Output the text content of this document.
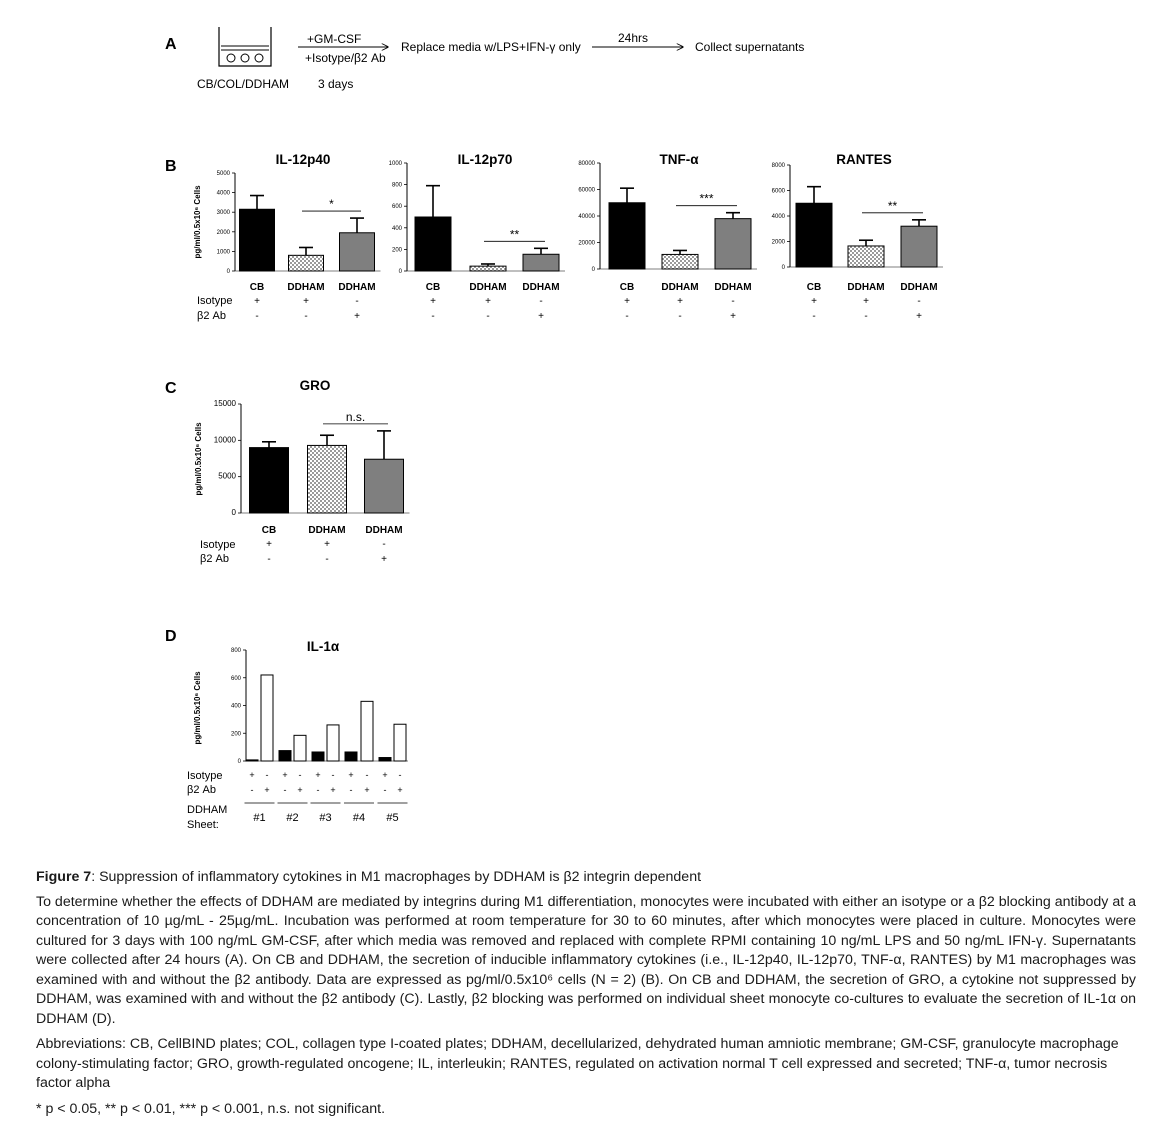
A
CB/COL/DDHAM
+GM-CSF
+Isotype/β2 Ab
3 days
Replace media w/LPS+IFN-γ only
24hrs
Collect supernatants
B
C
D
IL-12p40
0
1000
2000
3000
4000
5000
pg/ml/0.5x10⁶ Cells
CB
+
-
DDHAM
+
-
DDHAM
-
+
*
Isotype
β2 Ab
IL-12p70
0
200
400
600
800
1000
CB
+
-
DDHAM
+
-
DDHAM
-
+
**
TNF-α
0
20000
40000
60000
80000
CB
+
-
DDHAM
+
-
DDHAM
-
+
***
RANTES
0
2000
4000
6000
8000
CB
+
-
DDHAM
+
-
DDHAM
-
+
**
GRO
0
5000
10000
15000
pg/ml/0.5x10⁶ Cells
CB
+
-
DDHAM
+
-
DDHAM
-
+
n.s.
Isotype
β2 Ab
IL-1α
pg/ml/0.5x10⁶ Cells
0
200
400
600
800
+
-
-
+
+
-
-
+
+
-
-
+
+
-
-
+
+
-
-
+
Isotype
β2 Ab
DDHAM
Sheet:
#1 #2 #3 #4 #5

Figure 7: Suppression of inflammatory cytokines in M1 macrophages by DDHAM is β2 integrin dependent

To determine whether the effects of DDHAM are mediated by integrins during M1 differentiation, monocytes were incubated with either an isotype or a β2 blocking antibody at a concentration of 10 µg/mL - 25µg/mL. Incubation was performed at room temperature for 30 to 60 minutes, after which monocytes were placed in culture. Monocytes were cultured for 3 days with 100 ng/mL GM-CSF, after which media was removed and replaced with complete RPMI containing 10 ng/mL LPS and 50 ng/mL IFN-γ. Supernatants were collected after 24 hours (A). On CB and DDHAM, the secretion of inducible inflammatory cytokines (i.e., IL-12p40, IL-12p70, TNF-α, RANTES) by M1 macrophages was examined with and without the β2 antibody. Data are expressed as pg/ml/0.5x10⁶ cells (N = 2) (B). On CB and DDHAM, the secretion of GRO, a cytokine not suppressed by DDHAM, was examined with and without the β2 antibody (C). Lastly, β2 blocking was performed on individual sheet monocyte co-cultures to evaluate the secretion of IL-1α on DDHAM (D).

Abbreviations: CB, CellBIND plates; COL, collagen type I-coated plates; DDHAM, decellularized, dehydrated human amniotic membrane; GM-CSF, granulocyte macrophage colony-stimulating factor; GRO, growth-regulated oncogene; IL, interleukin; RANTES, regulated on activation normal T cell expressed and secreted; TNF-α, tumor necrosis factor alpha

* p < 0.05, ** p < 0.01, *** p < 0.001, n.s. not significant.
